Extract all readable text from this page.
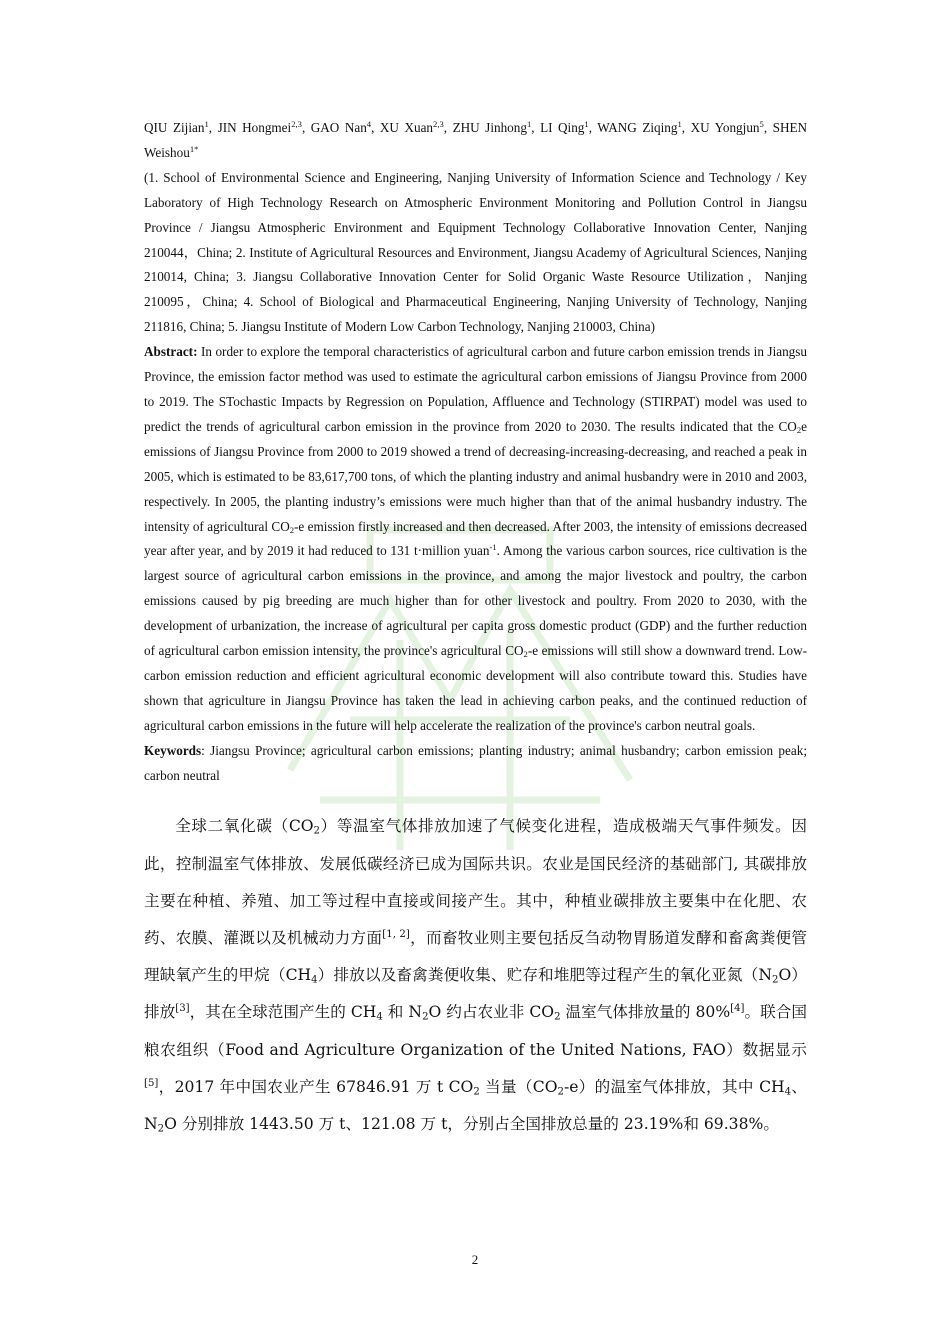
QIU Zijian$^1$, JIN Hongmei$^{2,3}$, GAO Nan$^4$, XU Xuan$^{2,3}$, ZHU Jinhong$^1$, LI Qing$^1$, WANG Ziqing$^1$, XU Yongjun$^5$, SHEN Weishou$^{1*}$

(1. School of Environmental Science and Engineering, Nanjing University of Information Science and Technology / Key Laboratory of High Technology Research on Atmospheric Environment Monitoring and Pollution Control in Jiangsu Province / Jiangsu Atmospheric Environment and Equipment Technology Collaborative Innovation Center, Nanjing 210044，China; 2. Institute of Agricultural Resources and Environment, Jiangsu Academy of Agricultural Sciences, Nanjing 210014, China; 3. Jiangsu Collaborative Innovation Center for Solid Organic Waste Resource Utilization，Nanjing 210095，China; 4. School of Biological and Pharmaceutical Engineering, Nanjing University of Technology, Nanjing 211816, China; 5. Jiangsu Institute of Modern Low Carbon Technology, Nanjing 210003, China)

Abstract: In order to explore the temporal characteristics of agricultural carbon and future carbon emission trends in Jiangsu Province, the emission factor method was used to estimate the agricultural carbon emissions of Jiangsu Province from 2000 to 2019. The STochastic Impacts by Regression on Population, Affluence and Technology (STIRPAT) model was used to predict the trends of agricultural carbon emission in the province from 2020 to 2030. The results indicated that the $CO_2e$ emissions of Jiangsu Province from 2000 to 2019 showed a trend of decreasing-increasing-decreasing, and reached a peak in 2005, which is estimated to be 83,617,700 tons, of which the planting industry and animal husbandry were in 2010 and 2003, respectively. In 2005, the planting industry’s emissions were much higher than that of the animal husbandry industry. The intensity of agricultural $CO_2-e$ emission firstly increased and then decreased. After 2003, the intensity of emissions decreased year after year, and by 2019 it had reduced to 131 t·million yuan$^{-1}$. Among the various carbon sources, rice cultivation is the largest source of agricultural carbon emissions in the province, and among the major livestock and poultry, the carbon emissions caused by pig breeding are much higher than for other livestock and poultry. From 2020 to 2030, with the development of urbanization, the increase of agricultural per capita gross domestic product (GDP) and the further reduction of agricultural carbon emission intensity, the province's agricultural $CO_2-e$ emissions will still show a downward trend. Low-carbon emission reduction and efficient agricultural economic development will also contribute toward this. Studies have shown that agriculture in Jiangsu Province has taken the lead in achieving carbon peaks, and the continued reduction of agricultural carbon emissions in the future will help accelerate the realization of the province's carbon neutral goals.

Keywords: Jiangsu Province; agricultural carbon emissions; planting industry; animal husbandry; carbon emission peak; carbon neutral

全球二氧化碳$(CO_2)$等温室气体排放加速了气候变化进程，造成极端天气事件频发。因此，控制温室气体排放、发展低碳经济已成为国际共识。农业是国民经济的基础部门, 其碳排放主要在种植、养殖、加工等过程中直接或间接产生。其中，种植业碳排放主要集中在化肥、农药、农膜、灌溉以及机械动力方面[1, 2]，而畜牧业则主要包括反刍动物胃肠道发酵和畜禽粪便管理缺氧产生的甲烷$(CH_4)$排放以及畜禽粪便收集、贮存和堆肥等过程产生的氧化亚氮$(N_2O)$排放[3]，其在全球范围产生的 $CH_4$ 和 $N_2O$ 约占农业非 $CO_2$ 温室气体排放量的 80%[4]。联合国粮农组织（Food and Agriculture Organization of the United Nations, FAO）数据显示[5]，2017 年中国农业产生 67846.91 万 t $CO_2$ 当量$(CO_2-e)$的温室气体排放，其中 $CH_4$、$N_2O$ 分别排放 1443.50 万 t、121.08 万 t，分别占全国排放总量的 23.19%和 69.38%。

2
